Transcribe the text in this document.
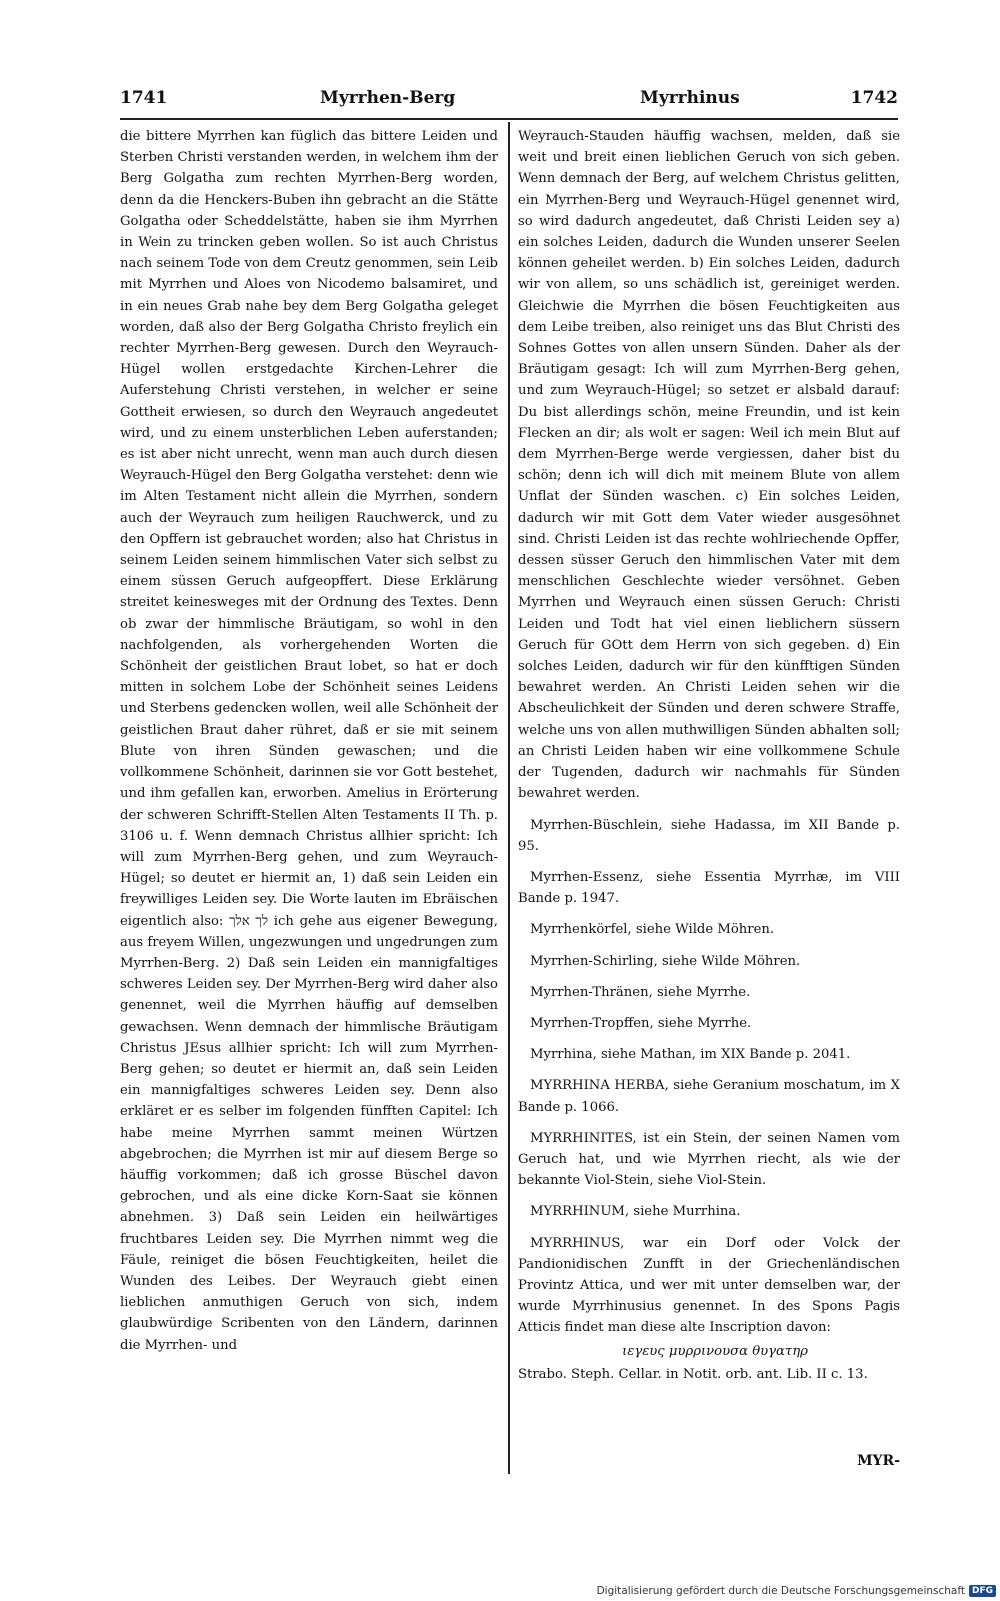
1741	Myrrhen-Berg	Myrrhinus	1742

die bittere Myrrhen kan füglich das bittere Leiden und Sterben Christi verstanden werden, in welchem ihm der Berg Golgatha zum rechten Myrrhen-Berg worden, denn da die Henckers-Buben ihn gebracht an die Stätte Golgatha oder Scheddelstätte, haben sie ihm Myrrhen in Wein zu trincken geben wollen. So ist auch Christus nach seinem Tode von dem Creutz genommen, sein Leib mit Myrrhen und Aloes von Nicodemo balsamiret, und in ein neues Grab nahe bey dem Berg Golgatha geleget worden, daß also der Berg Golgatha Christo freylich ein rechter Myrrhen-Berg gewesen. Durch den Weyrauch-Hügel wollen erstgedachte Kirchen-Lehrer die Auferstehung Christi verstehen, in welcher er seine Gottheit erwiesen, so durch den Weyrauch angedeutet wird, und zu einem unsterblichen Leben auferstanden; es ist aber nicht unrecht, wenn man auch durch diesen Weyrauch-Hügel den Berg Golgatha verstehet: denn wie im Alten Testament nicht allein die Myrrhen, sondern auch der Weyrauch zum heiligen Rauchwerck, und zu den Opffern ist gebrauchet worden; also hat Christus in seinem Leiden seinem himmlischen Vater sich selbst zu einem süssen Geruch aufgeopffert. Diese Erklärung streitet keinesweges mit der Ordnung des Textes. Denn ob zwar der himmlische Bräutigam, so wohl in den nachfolgenden, als vorhergehenden Worten die Schönheit der geistlichen Braut lobet, so hat er doch mitten in solchem Lobe der Schönheit seines Leidens und Sterbens gedencken wollen, weil alle Schönheit der geistlichen Braut daher rühret, daß er sie mit seinem Blute von ihren Sünden gewaschen; und die vollkommene Schönheit, darinnen sie vor Gott bestehet, und ihm gefallen kan, erworben. Amelius in Erörterung der schweren Schrifft-Stellen Alten Testaments II Th. p. 3106 u. f. Wenn demnach Christus allhier spricht: Ich will zum Myrrhen-Berg gehen, und zum Weyrauch-Hügel; so deutet er hiermit an, 1) daß sein Leiden ein freywilliges Leiden sey. Die Worte lauten im Ebräischen eigentlich also: לך אלך ich gehe aus eigener Bewegung, aus freyem Willen, ungezwungen und ungedrungen zum Myrrhen-Berg. 2) Daß sein Leiden ein mannigfaltiges schweres Leiden sey. Der Myrrhen-Berg wird daher also genennet, weil die Myrrhen häuffig auf demselben gewachsen. Wenn demnach der himmlische Bräutigam Christus JEsus allhier spricht: Ich will zum Myrrhen-Berg gehen; so deutet er hiermit an, daß sein Leiden ein mannigfaltiges schweres Leiden sey. Denn also erkläret er es selber im folgenden fünfften Capitel: Ich habe meine Myrrhen sammt meinen Würtzen abgebrochen; die Myrrhen ist mir auf diesem Berge so häuffig vorkommen; daß ich grosse Büschel davon gebrochen, und als eine dicke Korn-Saat sie können abnehmen. 3) Daß sein Leiden ein heilwärtiges fruchtbares Leiden sey. Die Myrrhen nimmt weg die Fäule, reiniget die bösen Feuchtigkeiten, heilet die Wunden des Leibes. Der Weyrauch giebt einen lieblichen anmuthigen Geruch von sich, indem glaubwürdige Scribenten von den Ländern, darinnen die Myrrhen- und

Weyrauch-Stauden häuffig wachsen, melden, daß sie weit und breit einen lieblichen Geruch von sich geben. Wenn demnach der Berg, auf welchem Christus gelitten, ein Myrrhen-Berg und Weyrauch-Hügel genennet wird, so wird dadurch angedeutet, daß Christi Leiden sey a) ein solches Leiden, dadurch die Wunden unserer Seelen können geheilet werden. b) Ein solches Leiden, dadurch wir von allem, so uns schädlich ist, gereiniget werden. Gleichwie die Myrrhen die bösen Feuchtigkeiten aus dem Leibe treiben, also reiniget uns das Blut Christi des Sohnes Gottes von allen unsern Sünden. Daher als der Bräutigam gesagt: Ich will zum Myrrhen-Berg gehen, und zum Weyrauch-Hügel; so setzet er alsbald darauf: Du bist allerdings schön, meine Freundin, und ist kein Flecken an dir; als wolt er sagen: Weil ich mein Blut auf dem Myrrhen-Berge werde vergiessen, daher bist du schön; denn ich will dich mit meinem Blute von allem Unflat der Sünden waschen. c) Ein solches Leiden, dadurch wir mit Gott dem Vater wieder ausgesöhnet sind. Christi Leiden ist das rechte wohlriechende Opffer, dessen süsser Geruch den himmlischen Vater mit dem menschlichen Geschlechte wieder versöhnet. Geben Myrrhen und Weyrauch einen süssen Geruch: Christi Leiden und Todt hat viel einen lieblichern süssern Geruch für GOtt dem Herrn von sich gegeben. d) Ein solches Leiden, dadurch wir für den künfftigen Sünden bewahret werden. An Christi Leiden sehen wir die Abscheulichkeit der Sünden und deren schwere Straffe, welche uns von allen muthwilligen Sünden abhalten soll; an Christi Leiden haben wir eine vollkommene Schule der Tugenden, dadurch wir nachmahls für Sünden bewahret werden.

Myrrhen-Büschlein, siehe Hadassa, im XII Bande p. 95.

Myrrhen-Essenz, siehe Essentia Myrrhæ, im VIII Bande p. 1947.

Myrrhenkörfel, siehe Wilde Möhren.

Myrrhen-Schirling, siehe Wilde Möhren.

Myrrhen-Thränen, siehe Myrrhe.

Myrrhen-Tropffen, siehe Myrrhe.

Myrrhina, siehe Mathan, im XIX Bande p. 2041.

MYRRHINA HERBA, siehe Geranium moschatum, im X Bande p. 1066.

MYRRHINITES, ist ein Stein, der seinen Namen vom Geruch hat, und wie Myrrhen riecht, als wie der bekannte Viol-Stein, siehe Viol-Stein.

MYRRHINUM, siehe Murrhina.

MYRRHINUS, war ein Dorf oder Volck der Pandionidischen Zunfft in der Griechenländischen Provintz Attica, und wer mit unter demselben war, der wurde Myrrhinusius genennet. In des Spons Pagis Atticis findet man diese alte Inscription davon:
ιεγευς μυρρινουσα θυγατηρ
Strabo. Steph. Cellar. in Notit. orb. ant. Lib. II c. 13.

MYR-
Digitalisierung gefördert durch die Deutsche Forschungsgemeinschaft DFG
